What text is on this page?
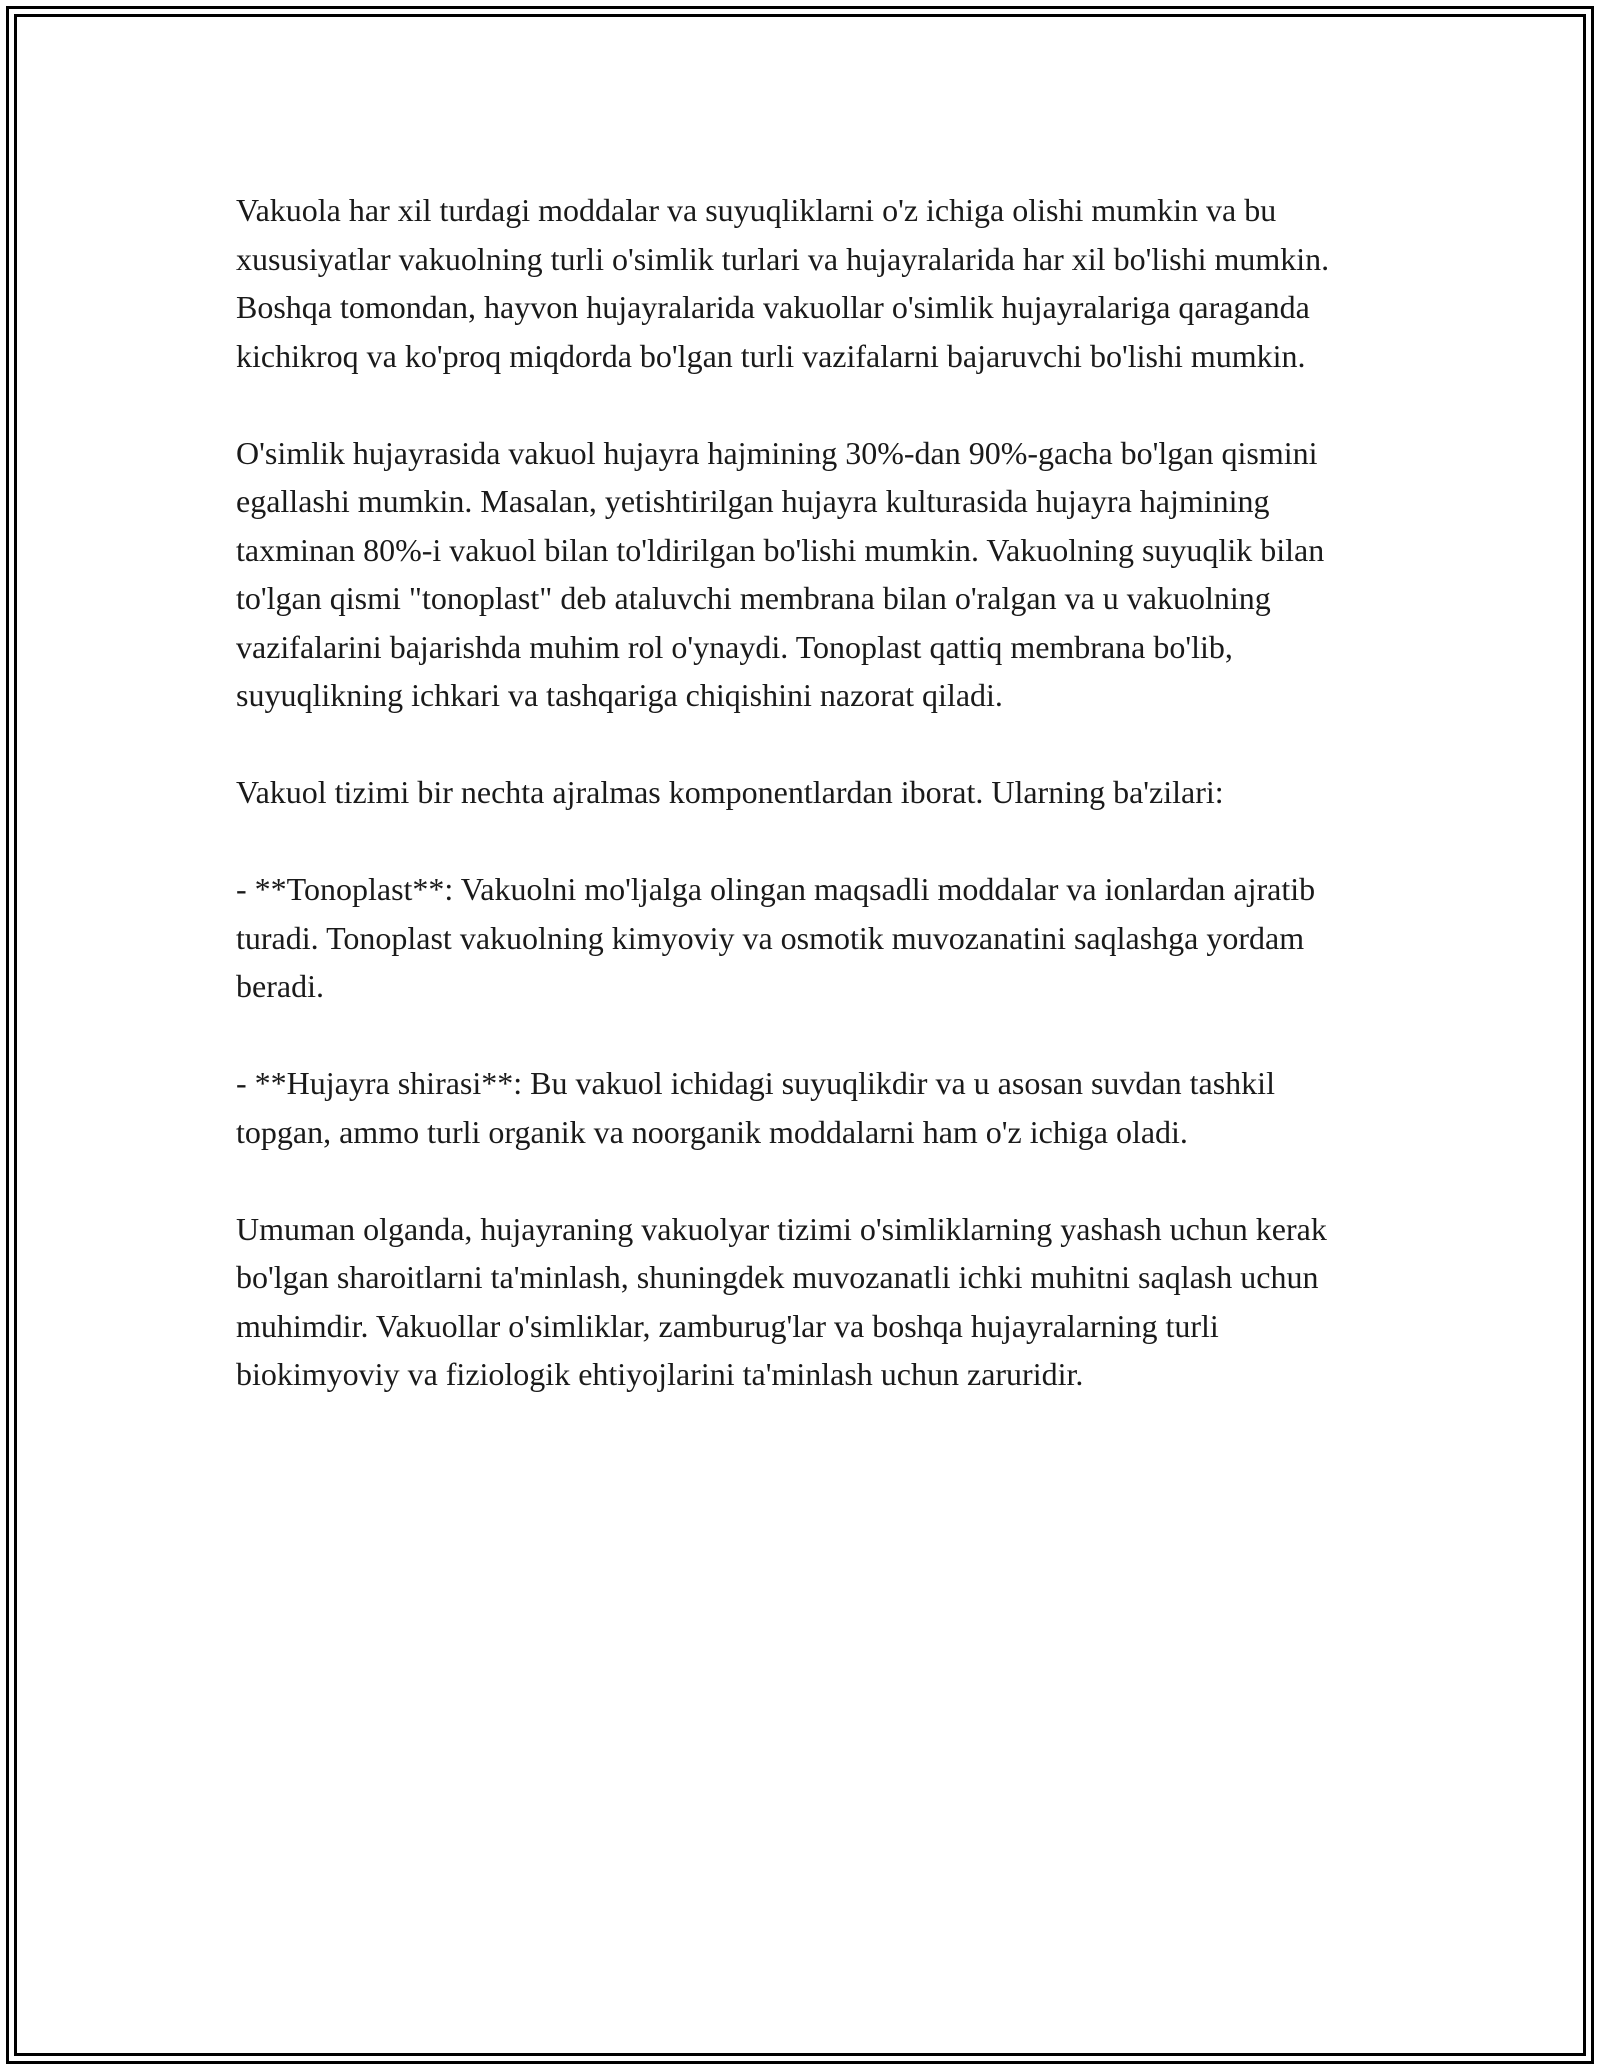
Vakuola har xil turdagi moddalar va suyuqliklarni o'z ichiga olishi mumkin va bu xususiyatlar vakuolning turli o'simlik turlari va hujayralarida har xil bo'lishi mumkin. Boshqa tomondan, hayvon hujayralarida vakuollar o'simlik hujayralariga qaraganda kichikroq va ko'proq miqdorda bo'lgan turli vazifalarni bajaruvchi bo'lishi mumkin.

O'simlik hujayrasida vakuol hujayra hajmining 30%-dan 90%-gacha bo'lgan qismini egallashi mumkin. Masalan, yetishtirilgan hujayra kulturasida hujayra hajmining taxminan 80%-i vakuol bilan to'ldirilgan bo'lishi mumkin. Vakuolning suyuqlik bilan to'lgan qismi "tonoplast" deb ataluvchi membrana bilan o'ralgan va u vakuolning vazifalarini bajarishda muhim rol o'ynaydi. Tonoplast qattiq membrana bo'lib, suyuqlikning ichkari va tashqariga chiqishini nazorat qiladi.

Vakuol tizimi bir nechta ajralmas komponentlardan iborat. Ularning ba'zilari:

- **Tonoplast**: Vakuolni mo'ljalga olingan maqsadli moddalar va ionlardan ajratib turadi. Tonoplast vakuolning kimyoviy va osmotik muvozanatini saqlashga yordam beradi.

- **Hujayra shirasi**: Bu vakuol ichidagi suyuqlikdir va u asosan suvdan tashkil topgan, ammo turli organik va noorganik moddalarni ham o'z ichiga oladi.

Umuman olganda, hujayraning vakuolyar tizimi o'simliklarning yashash uchun kerak bo'lgan sharoitlarni ta'minlash, shuningdek muvozanatli ichki muhitni saqlash uchun muhimdir. Vakuollar o'simliklar, zamburug'lar va boshqa hujayralarning turli biokimyoviy va fiziologik ehtiyojlarini ta'minlash uchun zaruridir.
